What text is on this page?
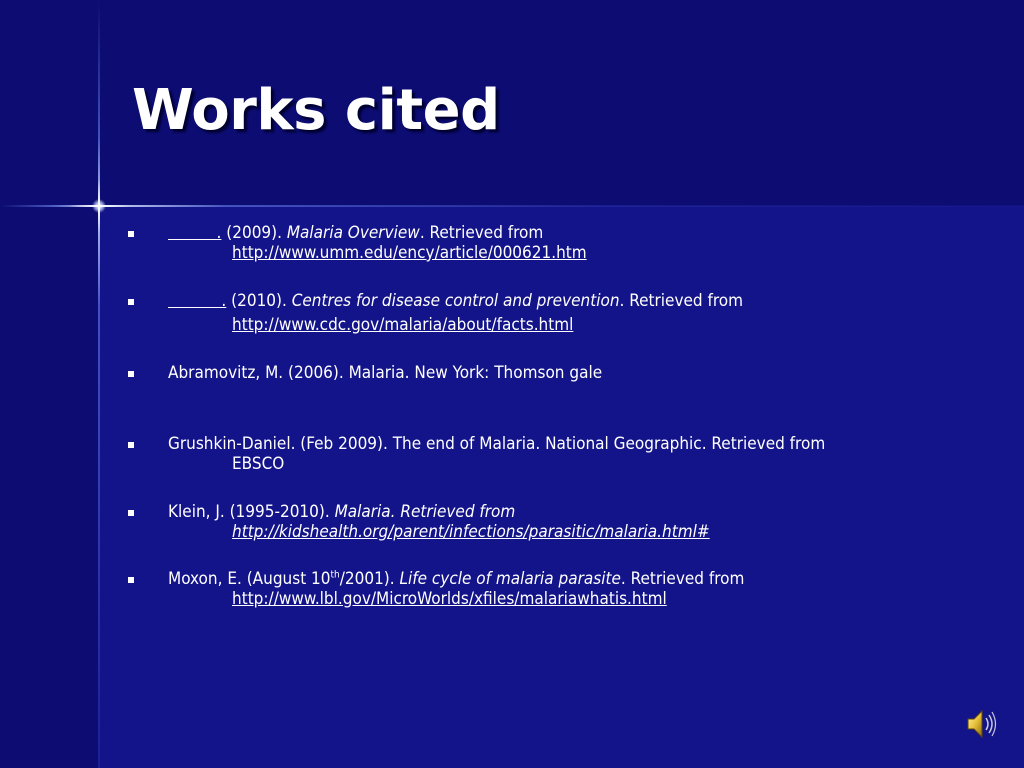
Works cited
. (2009). Malaria Overview. Retrieved from
http://www.umm.edu/ency/article/000621.htm
. (2010). Centres for disease control and prevention. Retrieved from
http://www.cdc.gov/malaria/about/facts.html
Abramovitz, M. (2006). Malaria. New York: Thomson gale
Grushkin-Daniel. (Feb 2009). The end of Malaria. National Geographic. Retrieved from
EBSCO
Klein, J. (1995-2010). Malaria. Retrieved from
http://kidshealth.org/parent/infections/parasitic/malaria.html#
Moxon, E. (August 10th/2001). Life cycle of malaria parasite. Retrieved from
http://www.lbl.gov/MicroWorlds/xfiles/malariawhatis.html
